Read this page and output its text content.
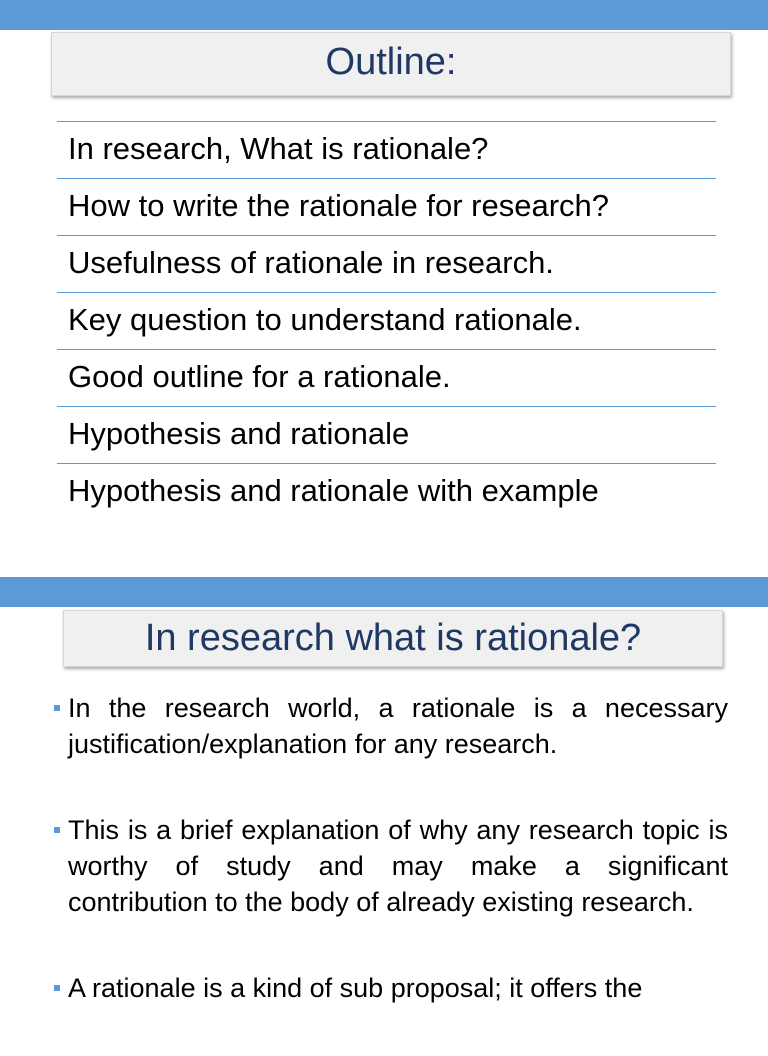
Outline:
In research, What is rationale?
How to write the rationale for research?
Usefulness of rationale in research.
Key question to understand rationale.
Good outline for a rationale.
Hypothesis and rationale
Hypothesis and rationale with example
In research what is rationale?
In the research world, a rationale is a necessary justification/explanation for any research.
This is a brief explanation of why any research topic is worthy of study and may make a significant contribution to the body of already existing research.
A rationale is a kind of sub proposal; it offers the
